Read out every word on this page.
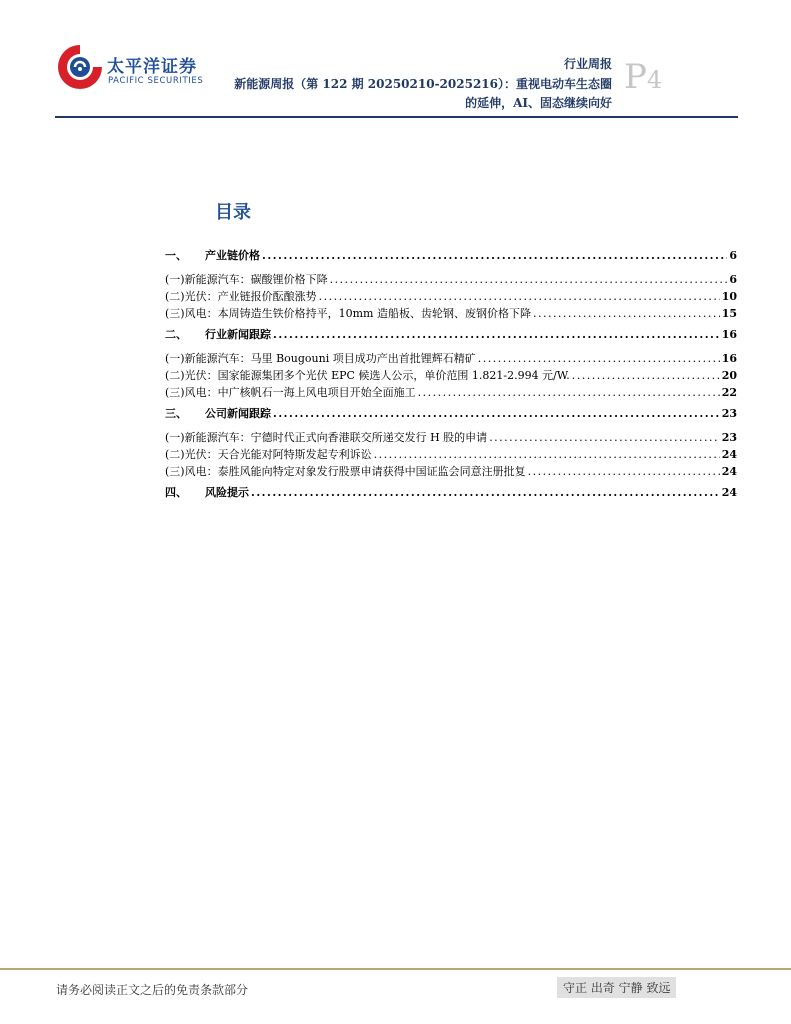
太平洋证券
PACIFIC SECURITIES
行业周报
新能源周报（第 122 期 20250210-2025216）：重视电动车生态圈
的延伸，AI、固态继续向好
P4
目录
一、	产业链价格 .....	6
(一) 新能源汽车：碳酸锂价格下降 .....	6
(二) 光伏：产业链报价酝酿涨势 .....	10
(三) 风电：本周铸造生铁价格持平，10mm 造船板、齿轮钢、废钢价格下降 .....	15
二、	行业新闻跟踪 .....	16
(一) 新能源汽车：马里 Bougouni 项目成功产出首批锂辉石精矿 .....	16
(二) 光伏：国家能源集团多个光伏 EPC 候选人公示，单价范围 1.821-2.994 元/W. .....	20
(三) 风电：中广核帆石一海上风电项目开始全面施工 .....	22
三、	公司新闻跟踪 .....	23
(一) 新能源汽车：宁德时代正式向香港联交所递交发行 H 股的申请 .....	23
(二) 光伏：天合光能对阿特斯发起专利诉讼 .....	24
(三) 风电：泰胜风能向特定对象发行股票申请获得中国证监会同意注册批复 .....	24
四、	风险提示 .....	24
请务必阅读正文之后的免责条款部分	守正 出奇 宁静 致远
